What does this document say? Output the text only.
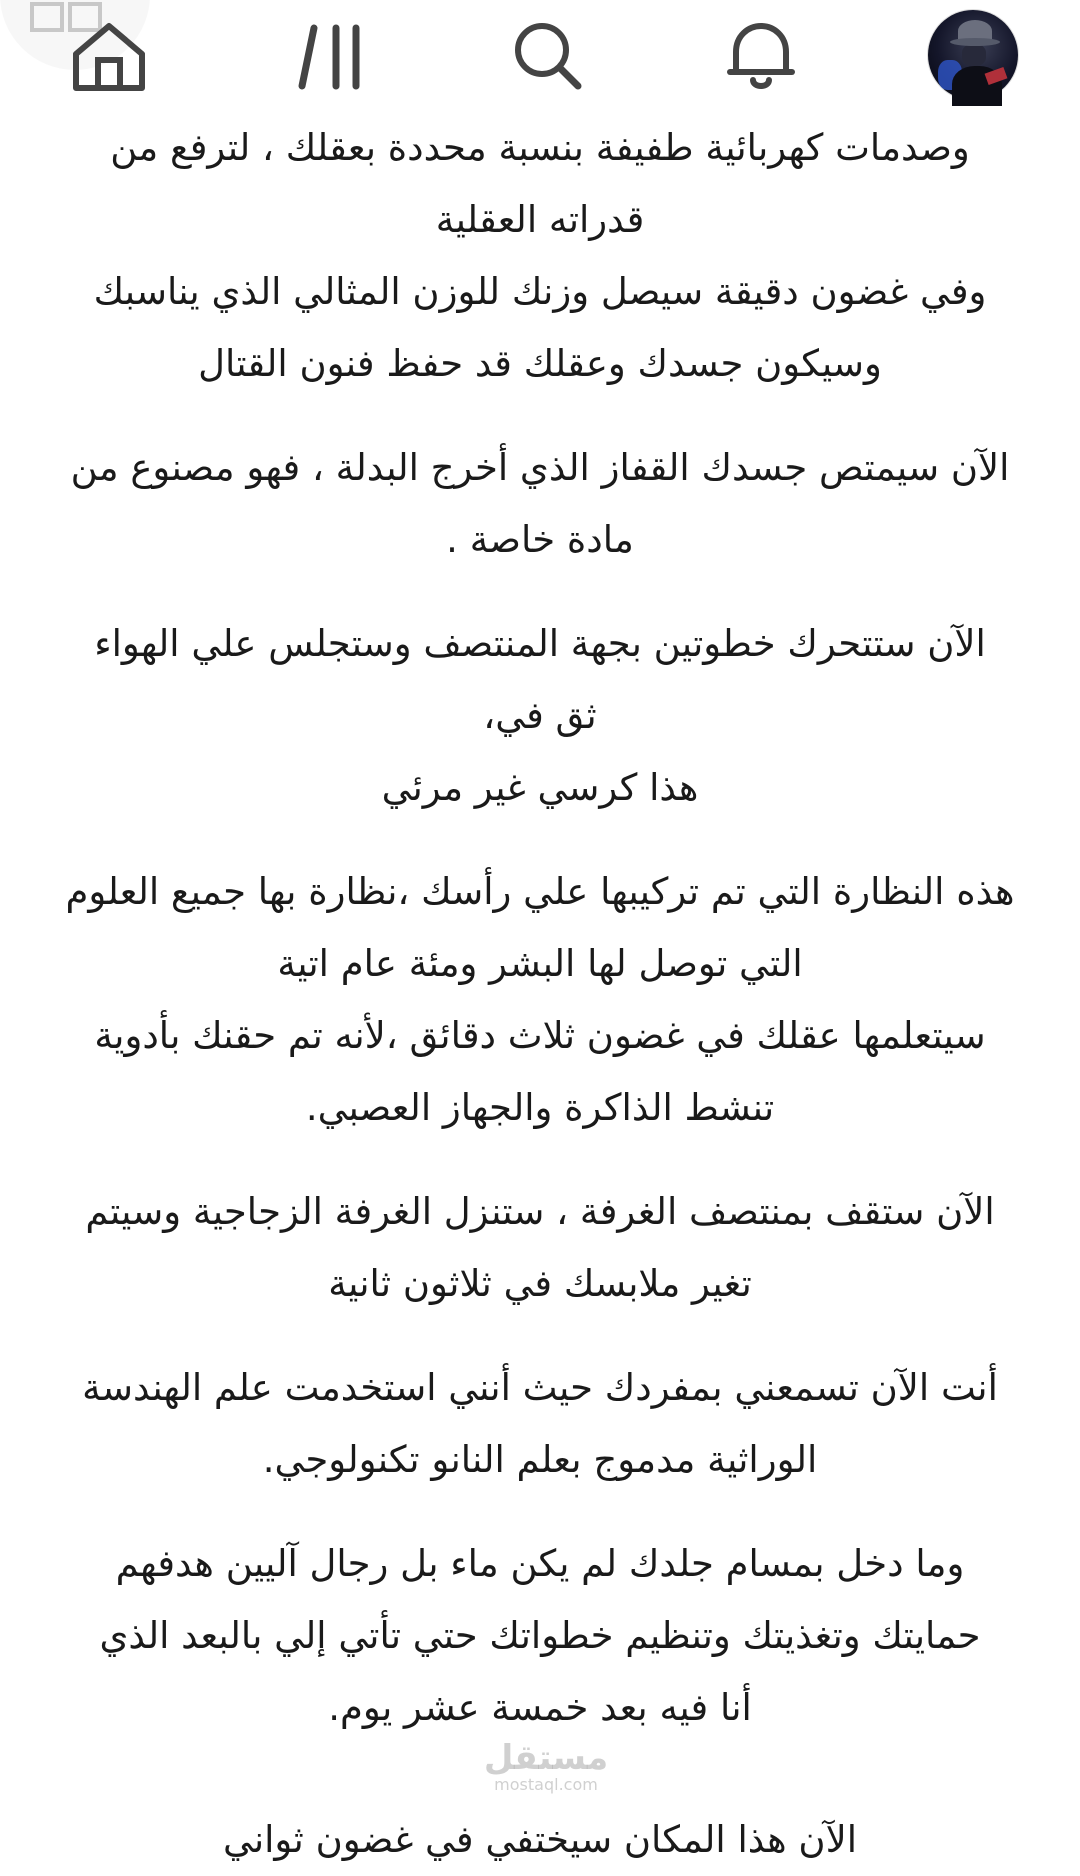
وصدمات كهربائية طفيفة بنسبة محددة بعقلك ، لترفع من
قدراته العقلية
وفي غضون دقيقة سيصل وزنك للوزن المثالي الذي يناسبك
وسيكون جسدك وعقلك قد حفظ فنون القتال
الآن سيمتص جسدك القفاز الذي أخرج البدلة ، فهو مصنوع من
مادة خاصة .
الآن ستتحرك خطوتين بجهة المنتصف وستجلس علي الهواء
ثق في،
هذا كرسي غير مرئي
هذه النظارة التي تم تركيبها علي رأسك ،نظارة بها جميع العلوم
التي توصل لها البشر ومئة عام اتية
سيتعلمها عقلك في غضون ثلاث دقائق ،لأنه تم حقنك بأدوية
تنشط الذاكرة والجهاز العصبي.
الآن ستقف بمنتصف الغرفة ، ستنزل الغرفة الزجاجية وسيتم
تغير ملابسك في ثلاثون ثانية
أنت الآن تسمعني بمفردك حيث أنني استخدمت علم الهندسة
الوراثية مدموج بعلم النانو تكنولوجي.
وما دخل بمسام جلدك لم يكن ماء بل رجال آليين هدفهم
حمايتك وتغذيتك وتنظيم خطواتك حتي تأتي إلي بالبعد الذي
أنا فيه بعد خمسة عشر يوم.
مستقل
mostaql.com
الآن هذا المكان سيختفي في غضون ثواني
